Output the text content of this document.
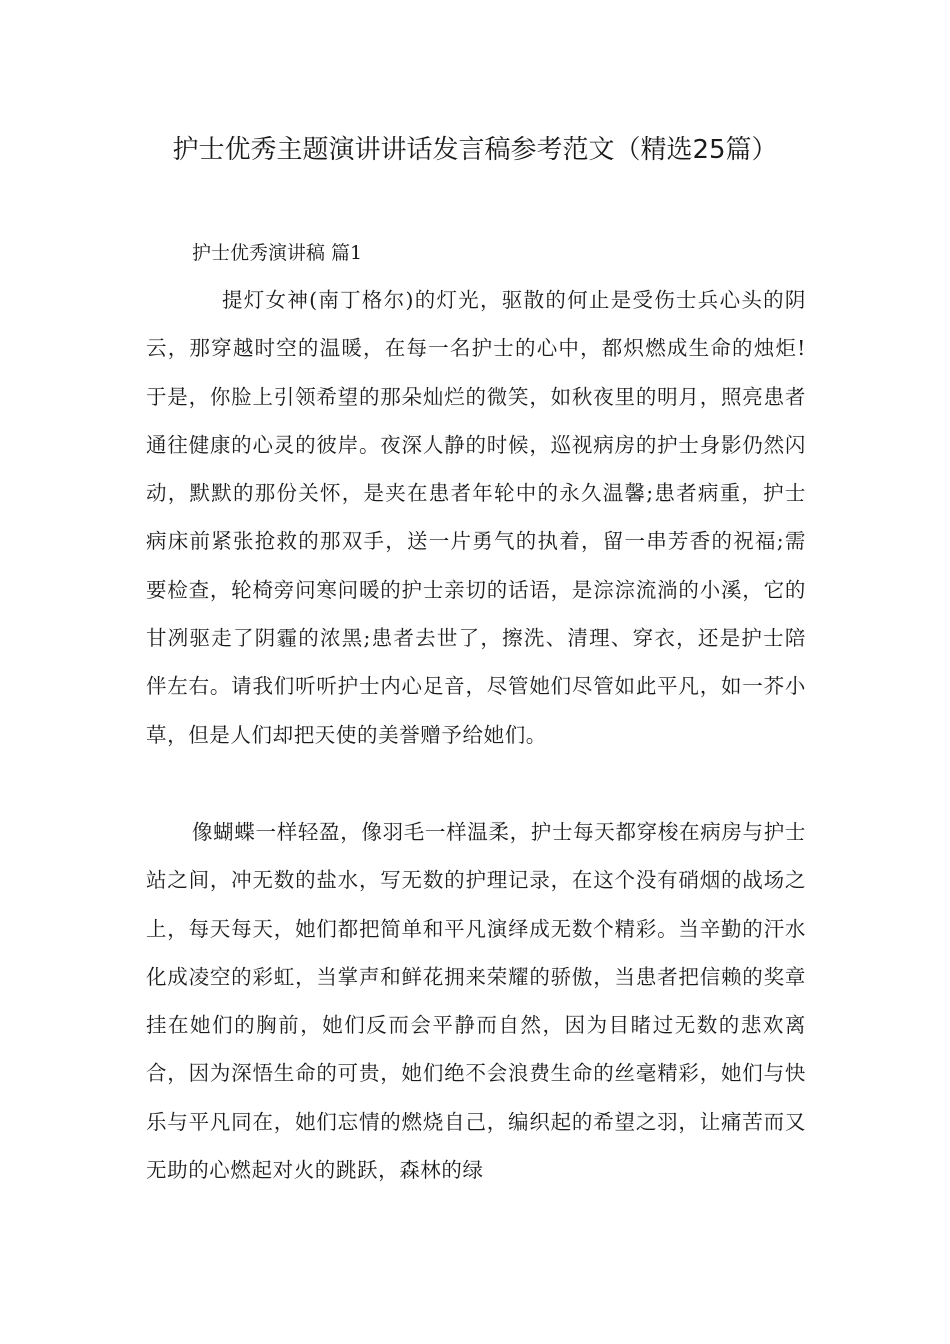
护士优秀主题演讲讲话发言稿参考范文（精选25篇）
护士优秀演讲稿 篇1

提灯女神(南丁格尔)的灯光，驱散的何止是受伤士兵心头的阴云，那穿越时空的温暖，在每一名护士的心中，都炽燃成生命的烛炬!于是，你脸上引领希望的那朵灿烂的微笑，如秋夜里的明月，照亮患者通往健康的心灵的彼岸。夜深人静的时候，巡视病房的护士身影仍然闪动，默默的那份关怀，是夹在患者年轮中的永久温馨;患者病重，护士病床前紧张抢救的那双手，送一片勇气的执着，留一串芳香的祝福;需要检查，轮椅旁问寒问暖的护士亲切的话语，是淙淙流淌的小溪，它的甘冽驱走了阴霾的浓黑;患者去世了，擦洗、清理、穿衣，还是护士陪伴左右。请我们听听护士内心足音，尽管她们尽管如此平凡，如一芥小草，但是人们却把天使的美誉赠予给她们。

像蝴蝶一样轻盈，像羽毛一样温柔，护士每天都穿梭在病房与护士站之间，冲无数的盐水，写无数的护理记录，在这个没有硝烟的战场之上，每天每天，她们都把简单和平凡演绎成无数个精彩。当辛勤的汗水化成凌空的彩虹，当掌声和鲜花拥来荣耀的骄傲，当患者把信赖的奖章挂在她们的胸前，她们反而会平静而自然，因为目睹过无数的悲欢离合，因为深悟生命的可贵，她们绝不会浪费生命的丝毫精彩，她们与快乐与平凡同在，她们忘情的燃烧自己，编织起的希望之羽，让痛苦而又无助的心燃起对火的跳跃，森林的绿
